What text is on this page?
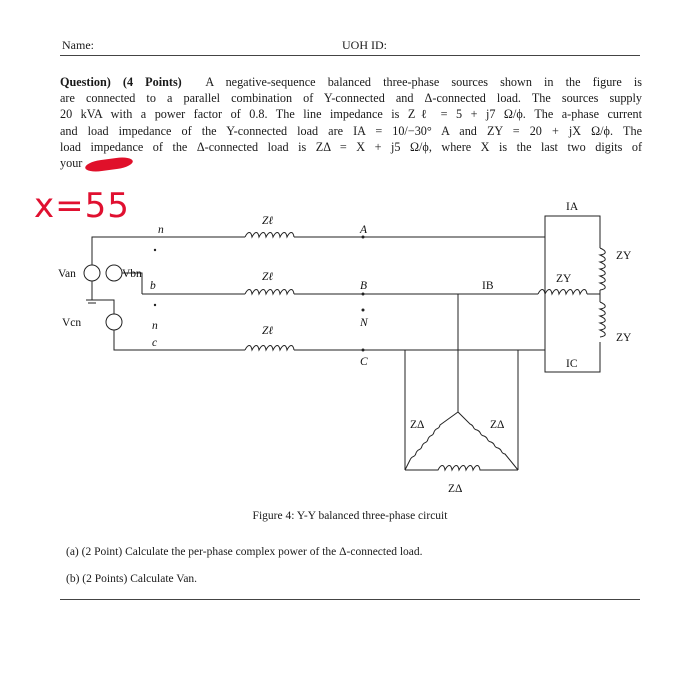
Name:	UOH ID:
Question) (4 Points) A negative-sequence balanced three-phase sources shown in the figure is
are connected to a parallel combination of Y-connected and Δ-connected load. The sources supply
20 kVA with a power factor of 0.8. The line impedance is Zℓ = 5 + j7 Ω/ϕ. The a-phase current
and load impedance of the Y-connected load are IA = 10/−30° A and ZY = 20 + jX Ω/ϕ. The
load impedance of the Δ-connected load is ZΔ = X + j5 Ω/ϕ, where X is the last two digits of
your
x=55
Van	Vbn
Vcn
n
b
n
c
Zℓ
Zℓ
Zℓ
A
B
N
C
IA
IB
IC
ZY
ZY
ZY
ZΔ	ZΔ
ZΔ
Figure 4: Y-Y balanced three-phase circuit
(a) (2 Point) Calculate the per-phase complex power of the Δ-connected load.
(b) (2 Points) Calculate Van.
